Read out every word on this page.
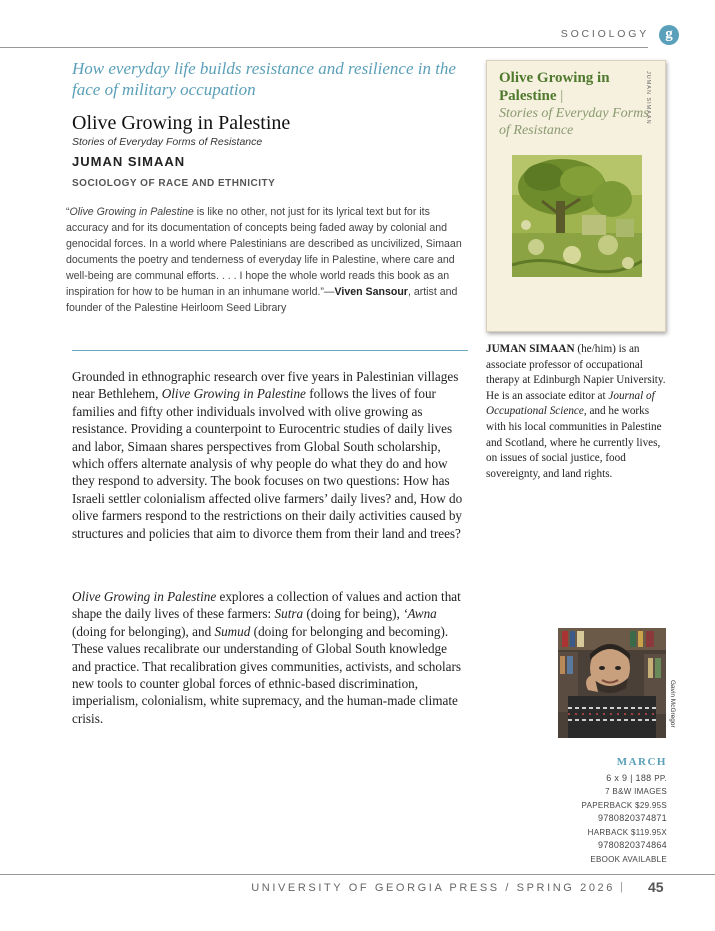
SOCIOLOGY	g
How everyday life builds resistance and resilience in the face of military occupation
Olive Growing in Palestine
Stories of Everyday Forms of Resistance
JUMAN SIMAAN
SOCIOLOGY OF RACE AND ETHNICITY
“Olive Growing in Palestine is like no other, not just for its lyrical text but for its accuracy and for its documentation of concepts being faded away by colonial and genocidal forces. In a world where Palestinians are described as uncivilized, Simaan documents the poetry and tenderness of everyday life in Palestine, where care and well-being are communal efforts. . . . I hope the whole world reads this book as an inspiration for how to be human in an inhumane world.”—Viven Sansour, artist and founder of the Palestine Heirloom Seed Library
Grounded in ethnographic research over five years in Palestinian villages near Bethlehem, Olive Growing in Palestine follows the lives of four families and fifty other individuals involved with olive growing as resistance. Providing a counterpoint to Eurocentric studies of daily lives and labor, Simaan shares perspectives from Global South scholarship, which offers alternate analysis of why people do what they do and how they respond to adversity. The book focuses on two questions: How has Israeli settler colonialism affected olive farmers’ daily lives? and, How do olive farmers respond to the restrictions on their daily activities caused by structures and policies that aim to divorce them from their land and trees?
Olive Growing in Palestine explores a collection of values and action that shape the daily lives of these farmers: Sutra (doing for being), ʻAwna (doing for belonging), and Sumud (doing for belonging and becoming). These values recalibrate our understanding of Global South knowledge and practice. That recalibration gives communities, activists, and scholars new tools to counter global forces of ethnic-based discrimination, imperialism, colonialism, white supremacy, and the human-made climate crisis.
Olive Growing in Palestine |
Stories of Everyday Forms of Resistance
JUMAN SIMAAN
JUMAN SIMAAN (he/him) is an associate professor of occupational therapy at Edinburgh Napier University. He is an associate editor at Journal of Occupational Science, and he works with his local communities in Palestine and Scotland, where he currently lives, on issues of social justice, food sovereignty, and land rights.
Gavin McGregor
MARCH
6 x 9 | 188 PP.
7 B&W IMAGES
PAPERBACK $29.95S
9780820374871
HARBACK $119.95X
9780820374864
EBOOK AVAILABLE
UNIVERSITY OF GEORGIA PRESS / SPRING 2026 | 45
